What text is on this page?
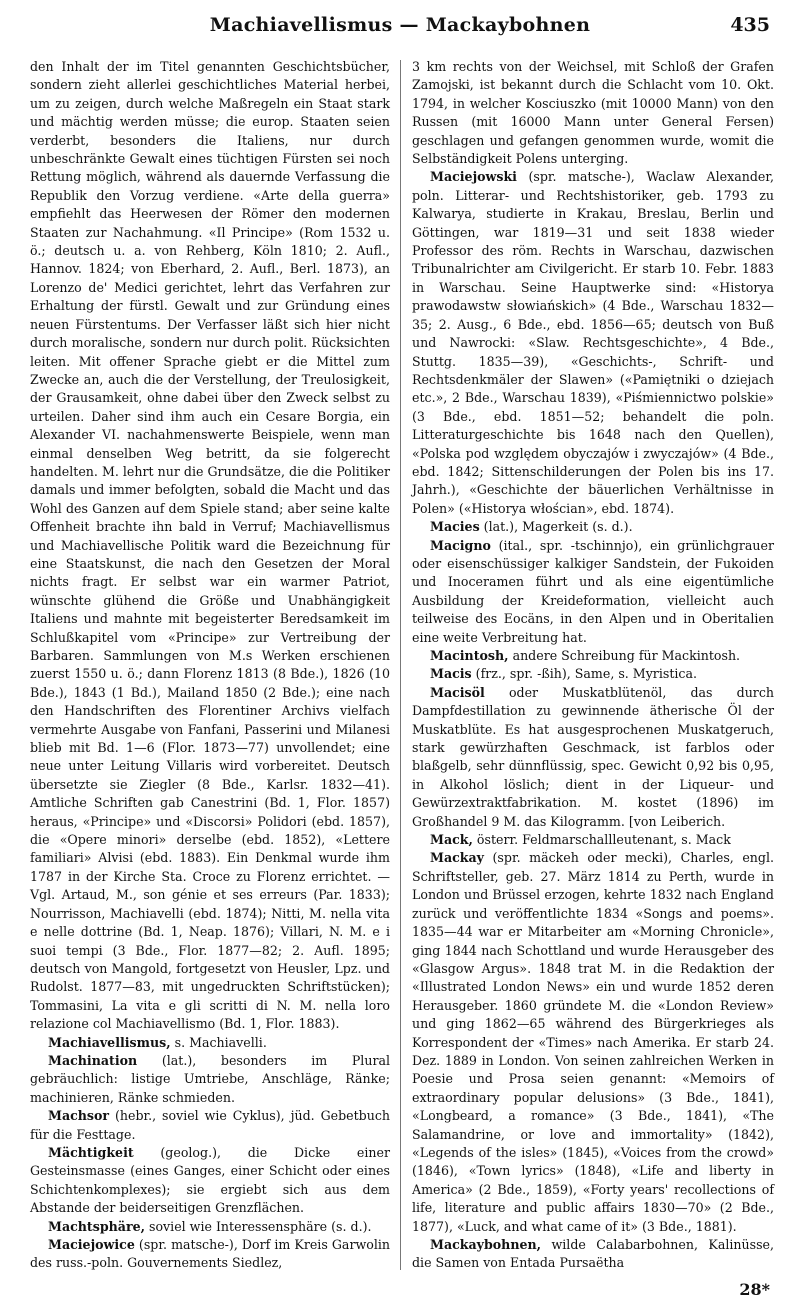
Machiavellismus — Mackaybohnen	435

den Inhalt der im Titel genannten Geschichtsbücher, sondern zieht allerlei geschichtliches Material herbei, um zu zeigen, durch welche Maßregeln ein Staat stark und mächtig werden müsse; die europ. Staaten seien verderbt, besonders die Italiens, nur durch unbeschränkte Gewalt eines tüchtigen Fürsten sei noch Rettung möglich, während als dauernde Verfassung die Republik den Vorzug verdiene. «Arte della guerra» empfiehlt das Heerwesen der Römer den modernen Staaten zur Nachahmung. «Il Principe» (Rom 1532 u. ö.; deutsch u. a. von Rehberg, Köln 1810; 2. Aufl., Hannov. 1824; von Eberhard, 2. Aufl., Berl. 1873), an Lorenzo de' Medici gerichtet, lehrt das Verfahren zur Erhaltung der fürstl. Gewalt und zur Gründung eines neuen Fürstentums. Der Verfasser läßt sich hier nicht durch moralische, sondern nur durch polit. Rücksichten leiten. Mit offener Sprache giebt er die Mittel zum Zwecke an, auch die der Verstellung, der Treulosigkeit, der Grausamkeit, ohne dabei über den Zweck selbst zu urteilen. Daher sind ihm auch ein Cesare Borgia, ein Alexander VI. nachahmenswerte Beispiele, wenn man einmal denselben Weg betritt, da sie folgerecht handelten. M. lehrt nur die Grundsätze, die die Politiker damals und immer befolgten, sobald die Macht und das Wohl des Ganzen auf dem Spiele stand; aber seine kalte Offenheit brachte ihn bald in Verruf; Machiavellismus und Machiavellische Politik ward die Bezeichnung für eine Staatskunst, die nach den Gesetzen der Moral nichts fragt. Er selbst war ein warmer Patriot, wünschte glühend die Größe und Unabhängigkeit Italiens und mahnte mit begeisterter Beredsamkeit im Schlußkapitel vom «Principe» zur Vertreibung der Barbaren. Sammlungen von M.s Werken erschienen zuerst 1550 u. ö.; dann Florenz 1813 (8 Bde.), 1826 (10 Bde.), 1843 (1 Bd.), Mailand 1850 (2 Bde.); eine nach den Handschriften des Florentiner Archivs vielfach vermehrte Ausgabe von Fanfani, Passerini und Milanesi blieb mit Bd. 1—6 (Flor. 1873—77) unvollendet; eine neue unter Leitung Villaris wird vorbereitet. Deutsch übersetzte sie Ziegler (8 Bde., Karlsr. 1832—41). Amtliche Schriften gab Canestrini (Bd. 1, Flor. 1857) heraus, «Principe» und «Discorsi» Polidori (ebd. 1857), die «Opere minori» derselbe (ebd. 1852), «Lettere familiari» Alvisi (ebd. 1883). Ein Denkmal wurde ihm 1787 in der Kirche Sta. Croce zu Florenz errichtet. — Vgl. Artaud, M., son génie et ses erreurs (Par. 1833); Nourrisson, Machiavelli (ebd. 1874); Nitti, M. nella vita e nelle dottrine (Bd. 1, Neap. 1876); Villari, N. M. e i suoi tempi (3 Bde., Flor. 1877—82; 2. Aufl. 1895; deutsch von Mangold, fortgesetzt von Heusler, Lpz. und Rudolst. 1877—83, mit ungedruckten Schriftstücken); Tommasini, La vita e gli scritti di N. M. nella loro relazione col Machiavellismo (Bd. 1, Flor. 1883).

Machiavellismus, s. Machiavelli.

Machination (lat.), besonders im Plural gebräuchlich: listige Umtriebe, Anschläge, Ränke; machinieren, Ränke schmieden.

Machsor (hebr., soviel wie Cyklus), jüd. Gebetbuch für die Festtage.

Mächtigkeit (geolog.), die Dicke einer Gesteinsmasse (eines Ganges, einer Schicht oder eines Schichtenkomplexes); sie ergiebt sich aus dem Abstande der beiderseitigen Grenzflächen.

Machtsphäre, soviel wie Interessensphäre (s. d.).

Maciejowice (spr. matsche-), Dorf im Kreis Garwolin des russ.-poln. Gouvernements Siedlez,

3 km rechts von der Weichsel, mit Schloß der Grafen Zamojski, ist bekannt durch die Schlacht vom 10. Okt. 1794, in welcher Kosciuszko (mit 10000 Mann) von den Russen (mit 16000 Mann unter General Fersen) geschlagen und gefangen genommen wurde, womit die Selbständigkeit Polens unterging.

Maciejowski (spr. matsche-), Waclaw Alexander, poln. Litterar- und Rechtshistoriker, geb. 1793 zu Kalwarya, studierte in Krakau, Breslau, Berlin und Göttingen, war 1819—31 und seit 1838 wieder Professor des röm. Rechts in Warschau, dazwischen Tribunalrichter am Civilgericht. Er starb 10. Febr. 1883 in Warschau. Seine Hauptwerke sind: «Historya prawodawstw słowiańskich» (4 Bde., Warschau 1832—35; 2. Ausg., 6 Bde., ebd. 1856—65; deutsch von Buß und Nawrocki: «Slaw. Rechtsgeschichte», 4 Bde., Stuttg. 1835—39), «Geschichts-, Schrift- und Rechtsdenkmäler der Slawen» («Pamiętniki o dziejach etc.», 2 Bde., Warschau 1839), «Piśmiennictwo polskie» (3 Bde., ebd. 1851—52; behandelt die poln. Litteraturgeschichte bis 1648 nach den Quellen), «Polska pod względem obyczajów i zwyczajów» (4 Bde., ebd. 1842; Sittenschilderungen der Polen bis ins 17. Jahrh.), «Geschichte der bäuerlichen Verhältnisse in Polen» («Historya włościan», ebd. 1874).

Macies (lat.), Magerkeit (s. d.).

Macigno (ital., spr. -tschinnjo), ein grünlichgrauer oder eisenschüssiger kalkiger Sandstein, der Fukoiden und Inoceramen führt und als eine eigentümliche Ausbildung der Kreideformation, vielleicht auch teilweise des Eocäns, in den Alpen und in Oberitalien eine weite Verbreitung hat.

Macintosh, andere Schreibung für Mackintosh.

Macis (frz., spr. -ßih), Same, s. Myristica.

Macisöl oder Muskatblütenöl, das durch Dampfdestillation zu gewinnende ätherische Öl der Muskatblüte. Es hat ausgesprochenen Muskatgeruch, stark gewürzhaften Geschmack, ist farblos oder blaßgelb, sehr dünnflüssig, spec. Gewicht 0,92 bis 0,95, in Alkohol löslich; dient in der Liqueur- und Gewürzextraktfabrikation. M. kostet (1896) im Großhandel 9 M. das Kilogramm. [von Leiberich.

Mack, österr. Feldmarschallleutenant, s. Mack

Mackay (spr. mäckeh oder mecki), Charles, engl. Schriftsteller, geb. 27. März 1814 zu Perth, wurde in London und Brüssel erzogen, kehrte 1832 nach England zurück und veröffentlichte 1834 «Songs and poems». 1835—44 war er Mitarbeiter am «Morning Chronicle», ging 1844 nach Schottland und wurde Herausgeber des «Glasgow Argus». 1848 trat M. in die Redaktion der «Illustrated London News» ein und wurde 1852 deren Herausgeber. 1860 gründete M. die «London Review» und ging 1862—65 während des Bürgerkrieges als Korrespondent der «Times» nach Amerika. Er starb 24. Dez. 1889 in London. Von seinen zahlreichen Werken in Poesie und Prosa seien genannt: «Memoirs of extraordinary popular delusions» (3 Bde., 1841), «Longbeard, a romance» (3 Bde., 1841), «The Salamandrine, or love and immortality» (1842), «Legends of the isles» (1845), «Voices from the crowd» (1846), «Town lyrics» (1848), «Life and liberty in America» (2 Bde., 1859), «Forty years' recollections of life, literature and public affairs 1830—70» (2 Bde., 1877), «Luck, and what came of it» (3 Bde., 1881).

Mackaybohnen, wilde Calabarbohnen, Kalinüsse, die Samen von Entada Pursaëtha

28*
